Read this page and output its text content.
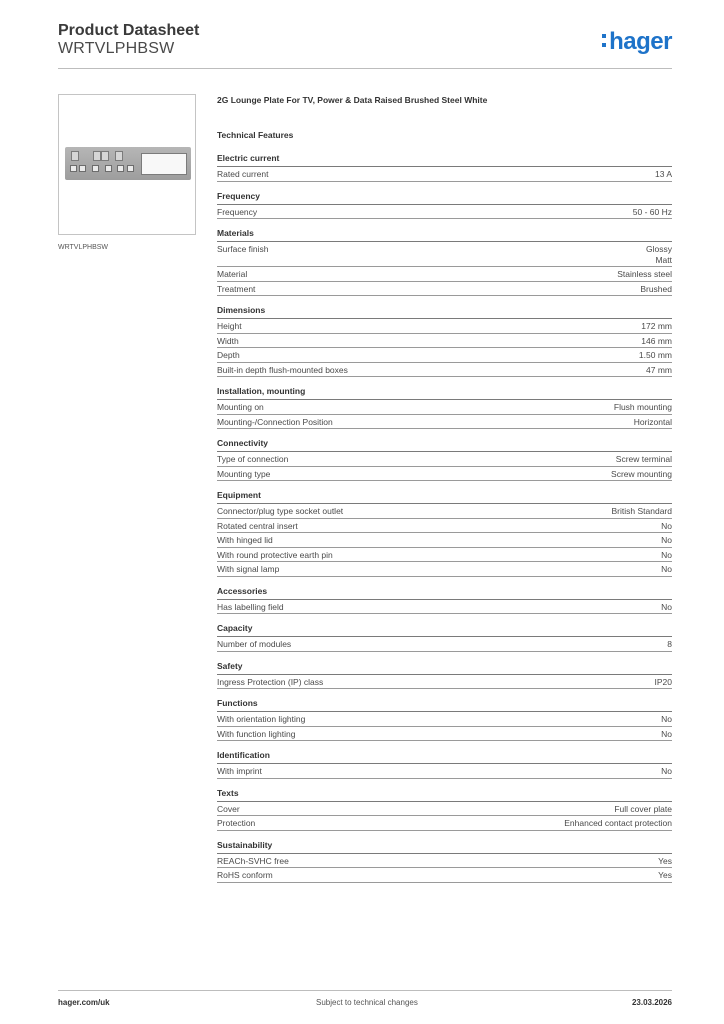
Product Datasheet
WRTVLPHBSW	hager
WRTVLPHBSW
2G Lounge Plate For TV, Power & Data Raised Brushed Steel White
Technical Features
Electric current
Rated current	13 A
Frequency
Frequency	50 - 60 Hz
Materials
Surface finish	Glossy
Matt
Material	Stainless steel
Treatment	Brushed
Dimensions
Height	172 mm
Width	146 mm
Depth	1.50 mm
Built-in depth flush-mounted boxes	47 mm
Installation, mounting
Mounting on	Flush mounting
Mounting-/Connection Position	Horizontal
Connectivity
Type of connection	Screw terminal
Mounting type	Screw mounting
Equipment
Connector/plug type socket outlet	British Standard
Rotated central insert	No
With hinged lid	No
With round protective earth pin	No
With signal lamp	No
Accessories
Has labelling field	No
Capacity
Number of modules	8
Safety
Ingress Protection (IP) class	IP20
Functions
With orientation lighting	No
With function lighting	No
Identification
With imprint	No
Texts
Cover	Full cover plate
Protection	Enhanced contact protection
Sustainability
REACh-SVHC free	Yes
RoHS conform	Yes
hager.com/uk	Subject to technical changes	23.03.2026
